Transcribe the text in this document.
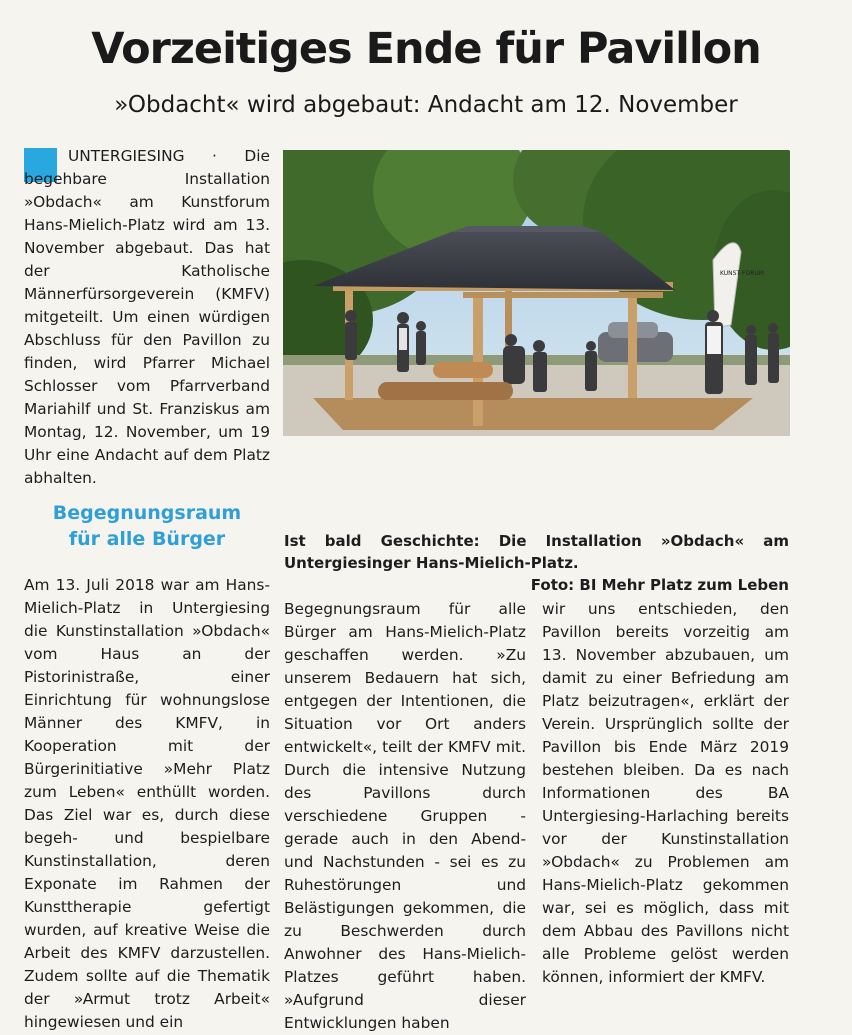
Vorzeitiges Ende für Pavillon
»Obdacht« wird abgebaut: Andacht am 12. November

UNTERGIESING · Die begehbare Installation »Obdach« am Kunstforum Hans-Mielich-Platz wird am 13. November abgebaut. Das hat der Katholische Männerfürsorgeverein (KMFV) mitgeteilt. Um einen würdigen Abschluss für den Pavillon zu finden, wird Pfarrer Michael Schlosser vom Pfarrverband Mariahilf und St. Franziskus am Montag, 12. November, um 19 Uhr eine Andacht auf dem Platz abhalten.

KUNST FORUM
Begegnungsraum
für alle Bürger	Ist bald Geschichte: Die Installation »Obdach« am Untergiesinger Hans-Mielich-Platz.
Foto: BI Mehr Platz zum Leben

Am 13. Juli 2018 war am Hans-Mielich-Platz in Untergiesing die Kunstinstallation »Obdach« vom Haus an der Pistorinistraße, einer Einrichtung für wohnungslose Männer des KMFV, in Kooperation mit der Bürgerinitiative »Mehr Platz zum Leben« enthüllt worden. Das Ziel war es, durch diese begeh- und bespielbare Kunstinstallation, deren Exponate im Rahmen der Kunsttherapie gefertigt wurden, auf kreative Weise die Arbeit des KMFV darzustellen. Zudem sollte auf die Thematik der »Armut trotz Arbeit« hingewiesen und ein

Begegnungsraum für alle Bürger am Hans-Mielich-Platz geschaffen werden. »Zu unserem Bedauern hat sich, entgegen der Intentionen, die Situation vor Ort anders entwickelt«, teilt der KMFV mit. Durch die intensive Nutzung des Pavillons durch verschiedene Gruppen - gerade auch in den Abend- und Nachstunden - sei es zu Ruhestörungen und Belästigungen gekommen, die zu Beschwerden durch Anwohner des Hans-Mielich-Platzes geführt haben. »Aufgrund dieser Entwicklungen haben

wir uns entschieden, den Pavillon bereits vorzeitig am 13. November abzubauen, um damit zu einer Befriedung am Platz beizutragen«, erklärt der Verein. Ursprünglich sollte der Pavillon bis Ende März 2019 bestehen bleiben. Da es nach Informationen des BA Untergiesing-Harlaching bereits vor der Kunstinstallation »Obdach« zu Problemen am Hans-Mielich-Platz gekommen war, sei es möglich, dass mit dem Abbau des Pavillons nicht alle Probleme gelöst werden können, informiert der KMFV.
